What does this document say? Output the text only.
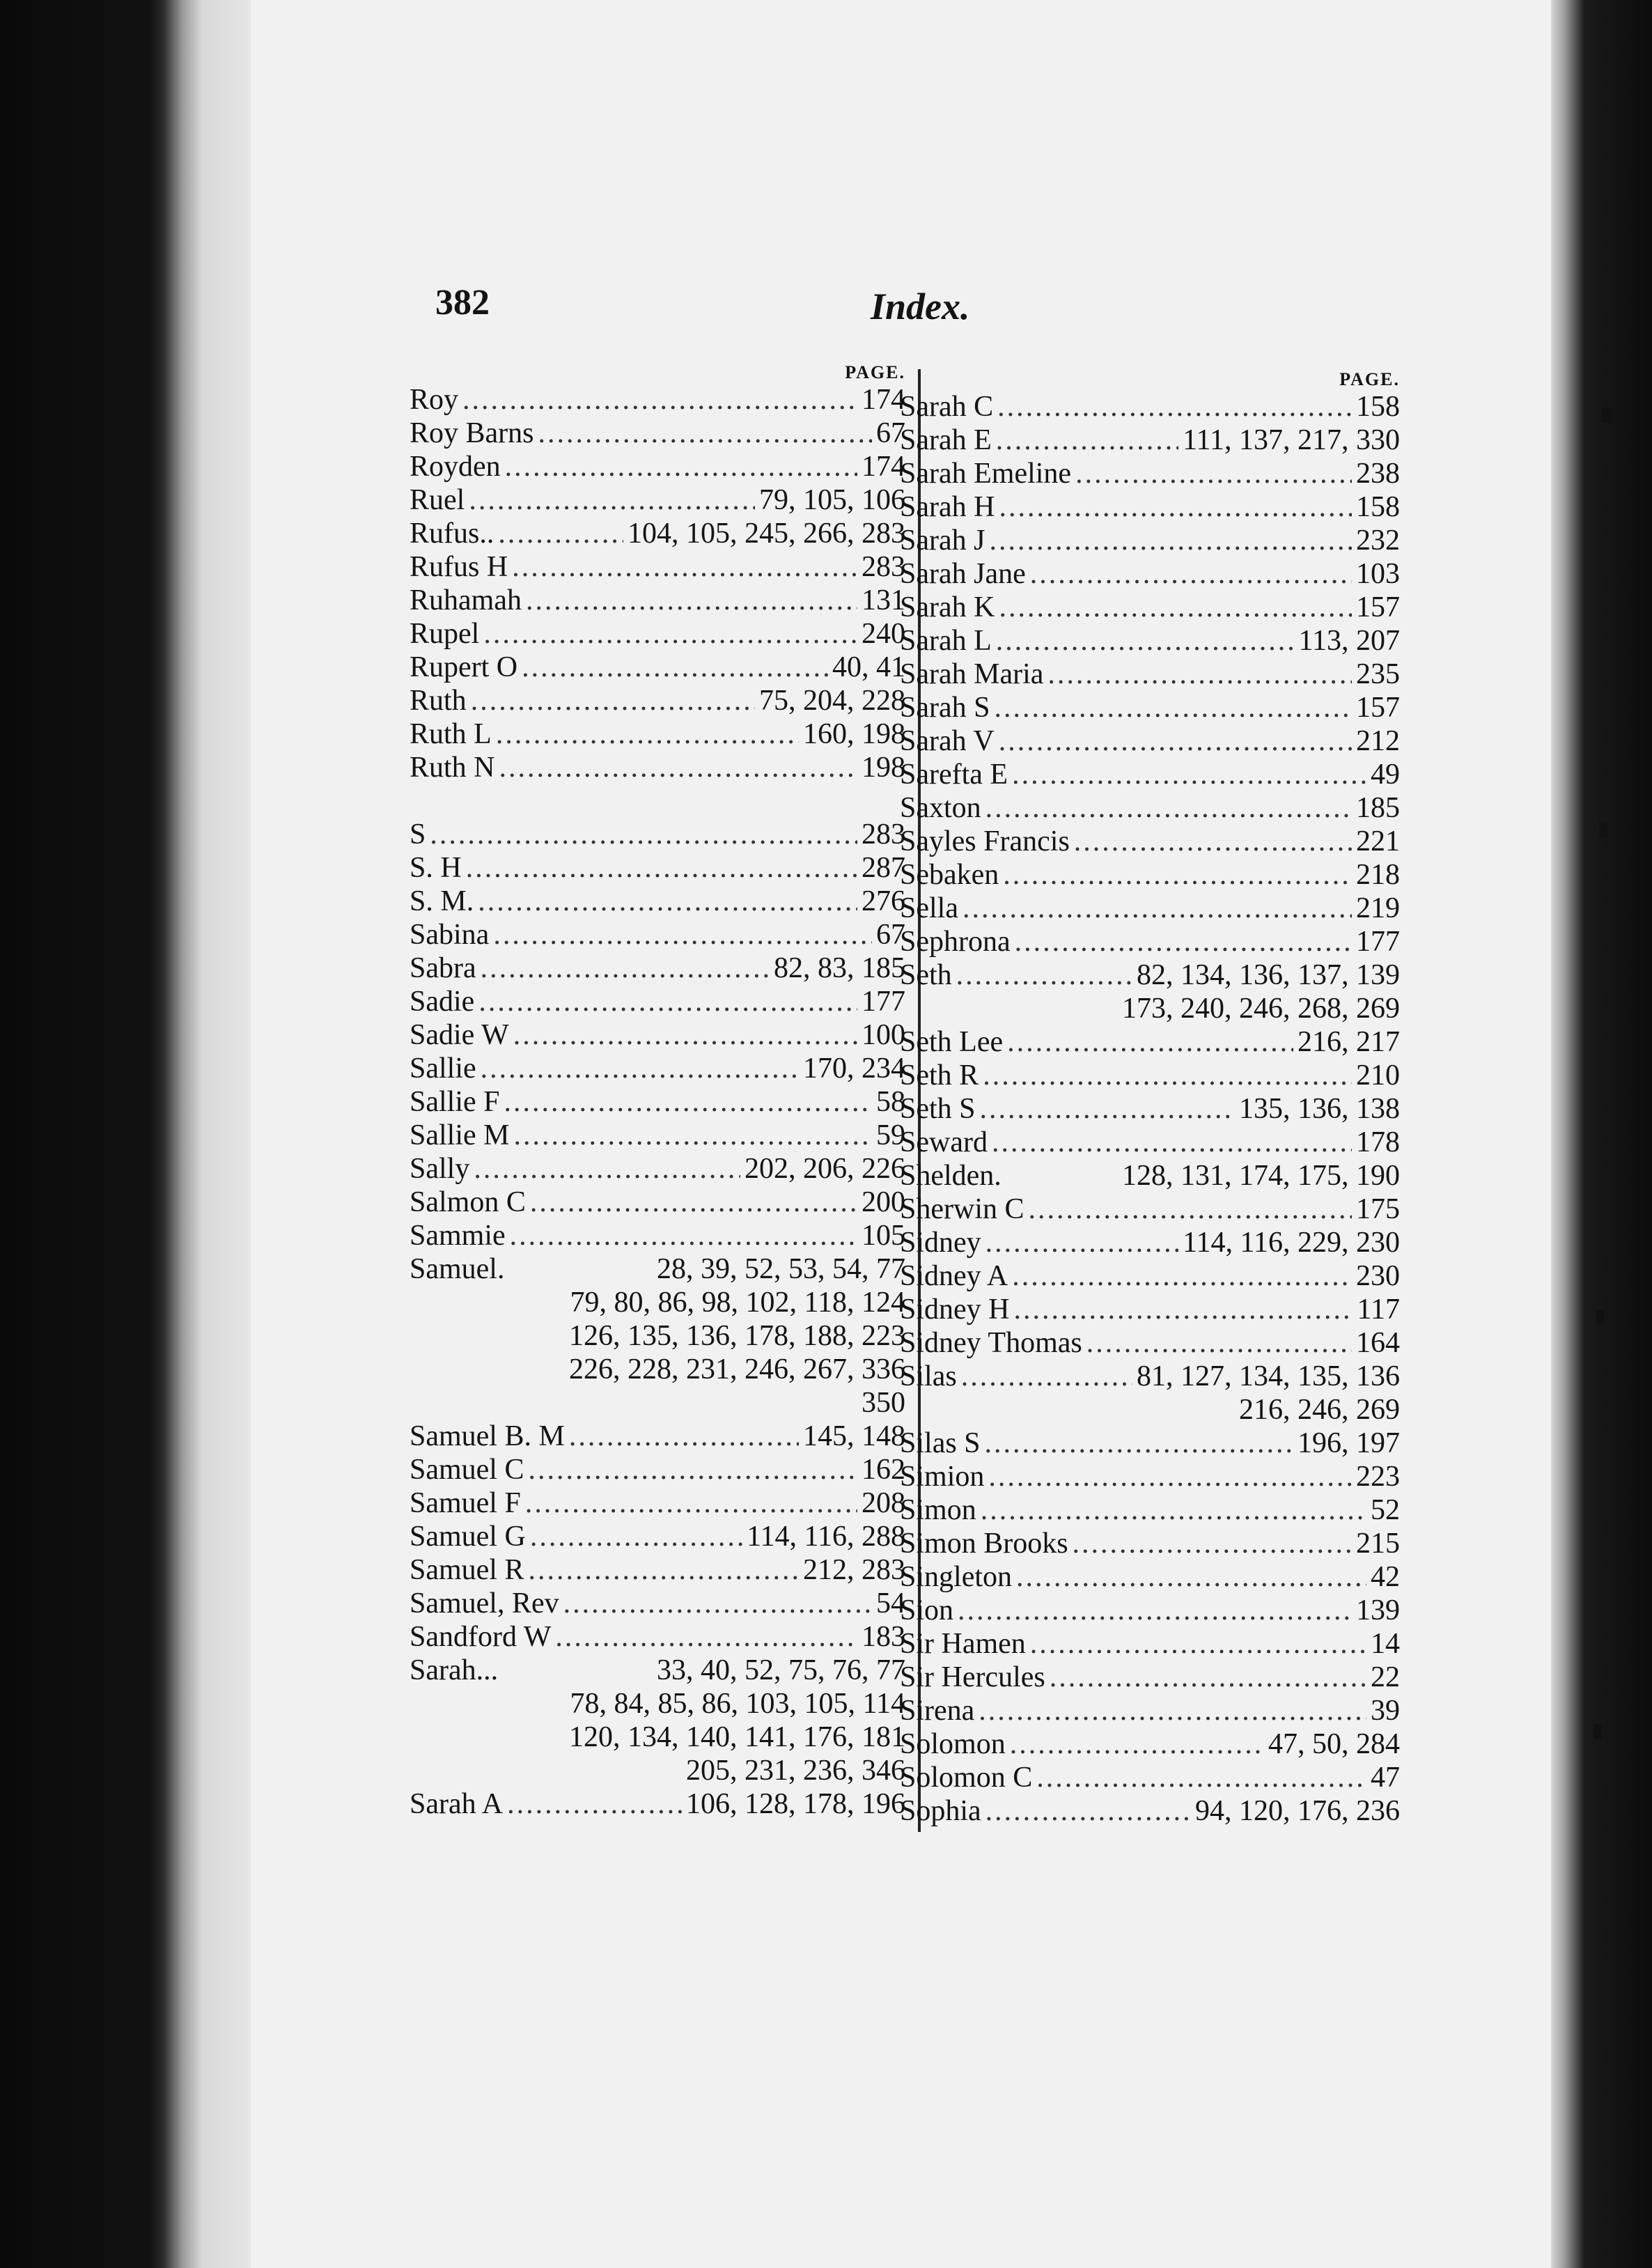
382	Index.
PAGE.
Roy .....	174
Roy Barns .....	67
Royden .....	174
Ruel .....	79, 105, 106
Rufus.. .....	104, 105, 245, 266, 283
Rufus H .....	283
Ruhamah .....	131
Rupel .....	240
Rupert O .....	40, 41
Ruth .....	75, 204, 228
Ruth L .....	160, 198
Ruth N .....	198
S .....	283
S. H .....	287
S. M. .....	276
Sabina .....	67
Sabra .....	82, 83, 185
Sadie .....	177
Sadie W .....	100
Sallie .....	170, 234
Sallie F .....	58
Sallie M .....	59
Sally .....	202, 206, 226
Salmon C .....	200
Sammie .....	105
Samuel.	28, 39, 52, 53, 54, 77
79, 80, 86, 98, 102, 118, 124
126, 135, 136, 178, 188, 223
226, 228, 231, 246, 267, 336
350
Samuel B. M .....	145, 148
Samuel C .....	162
Samuel F .....	208
Samuel G .....	114, 116, 288
Samuel R .....	212, 283
Samuel, Rev .....	54
Sandford W .....	183
Sarah...	33, 40, 52, 75, 76, 77
78, 84, 85, 86, 103, 105, 114
120, 134, 140, 141, 176, 181
205, 231, 236, 346
Sarah A .....	106, 128, 178, 196
PAGE.
Sarah C .....	158
Sarah E .....	111, 137, 217, 330
Sarah Emeline .....	238
Sarah H .....	158
Sarah J .....	232
Sarah Jane .....	103
Sarah K .....	157
Sarah L .....	113, 207
Sarah Maria .....	235
Sarah S .....	157
Sarah V .....	212
Sarefta E .....	49
Saxton .....	185
Sayles Francis .....	221
Sebaken .....	218
Sella .....	219
Sephrona .....	177
Seth .....	82, 134, 136, 137, 139
173, 240, 246, 268, 269
Seth Lee .....	216, 217
Seth R .....	210
Seth S .....	135, 136, 138
Seward .....	178
Shelden.	128, 131, 174, 175, 190
Sherwin C .....	175
Sidney .....	114, 116, 229, 230
Sidney A .....	230
Sidney H .....	117
Sidney Thomas .....	164
Silas .....	81, 127, 134, 135, 136
216, 246, 269
Silas S .....	196, 197
Simion .....	223
Simon .....	52
Simon Brooks .....	215
Singleton .....	42
Sion .....	139
Sir Hamen .....	14
Sir Hercules .....	22
Sirena .....	39
Solomon .....	47, 50, 284
Solomon C .....	47
Sophia .....	94, 120, 176, 236
